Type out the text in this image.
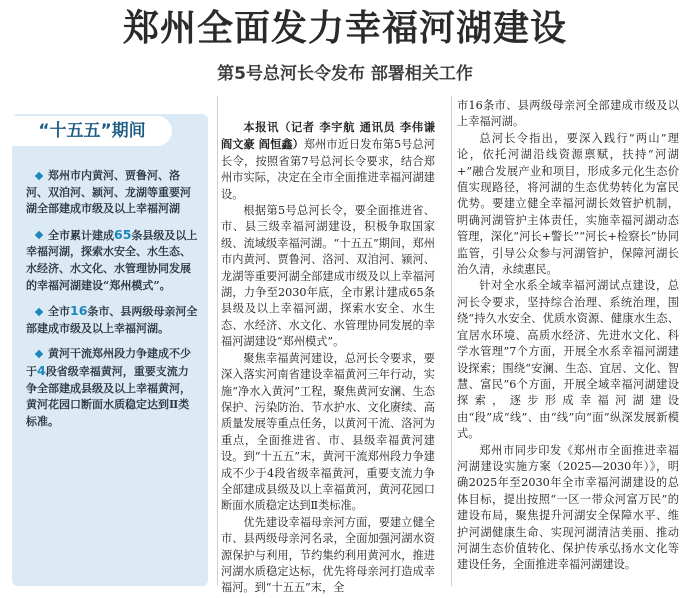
郑州全面发力幸福河湖建设
第5号总河长令发布 部署相关工作
“十五五”期间
郑州市内黄河、贾鲁河、洛河、双洎河、颍河、龙湖等重要河湖全部建成市级及以上幸福河湖
全市累计建成65条县级及以上幸福河湖，探索水安全、水生态、水经济、水文化、水管理协同发展的幸福河湖建设“郑州模式”。
全市16条市、县两级母亲河全部建成市级及以上幸福河湖。
黄河干流郑州段力争建成不少于4段省级幸福黄河，重要支流力争全部建成县级及以上幸福黄河，黄河花园口断面水质稳定达到Ⅱ类标准。

本报讯（记者 李宇航 通讯员 李伟谦 阎文豪 阎恒鑫）郑州市近日发布第5号总河长令，按照省第7号总河长令要求，结合郑州市实际，决定在全市全面推进幸福河湖建设。

根据第5号总河长令，要全面推进省、市、县三级幸福河湖建设，积极争取国家级、流域级幸福河湖。“十五五”期间，郑州市内黄河、贾鲁河、洛河、双洎河、颍河、龙湖等重要河湖全部建成市级及以上幸福河湖，力争至2030年底，全市累计建成65条县级及以上幸福河湖，探索水安全、水生态、水经济、水文化、水管理协同发展的幸福河湖建设“郑州模式”。

聚焦幸福黄河建设，总河长令要求，要深入落实河南省建设幸福黄河三年行动，实施“净水入黄河”工程，聚焦黄河安澜、生态保护、污染防治、节水护水、文化赓续、高质量发展等重点任务，以黄河干流、洛河为重点，全面推进省、市、县级幸福黄河建设。到“十五五”末，黄河干流郑州段力争建成不少于4段省级幸福黄河，重要支流力争全部建成县级及以上幸福黄河，黄河花园口断面水质稳定达到Ⅱ类标准。

优先建设幸福母亲河方面，要建立健全市、县两级母亲河名录，全面加强河湖水资源保护与利用，节约集约利用黄河水，推进河湖水质稳定达标，优先将母亲河打造成幸福河。到“十五五”末，全

市16条市、县两级母亲河全部建成市级及以上幸福河湖。

总河长令指出，要深入践行“两山”理论，依托河湖沿线资源禀赋，扶持“河湖+”融合发展产业和项目，形成多元化生态价值实现路径，将河湖的生态优势转化为富民优势。要建立健全幸福河湖长效管护机制，明确河湖管护主体责任，实施幸福河湖动态管理，深化“河长+警长”“河长+检察长”协同监管，引导公众参与河湖管护，保障河湖长治久清，永续惠民。

针对全水系全域幸福河湖试点建设，总河长令要求，坚持综合治理、系统治理，围绕“持久水安全、优质水资源、健康水生态、宜居水环境、高质水经济、先进水文化、科学水管理”7个方面，开展全水系幸福河湖建设探索；围绕“安澜、生态、宜居、文化、智慧、富民”6个方面，开展全域幸福河湖建设探索，逐步形成幸福河湖建设由“段”成“线”、由“线”向“面”纵深发展新模式。

郑州市同步印发《郑州市全面推进幸福河湖建设实施方案（2025—2030年）》，明确2025年至2030年全市幸福河湖建设的总体目标，提出按照“一区一带众河富万民”的建设布局，聚焦提升河湖安全保障水平、维护河湖健康生命、实现河湖清洁美丽、推动河湖生态价值转化、保护传承弘扬水文化等建设任务，全面推进幸福河湖建设。
